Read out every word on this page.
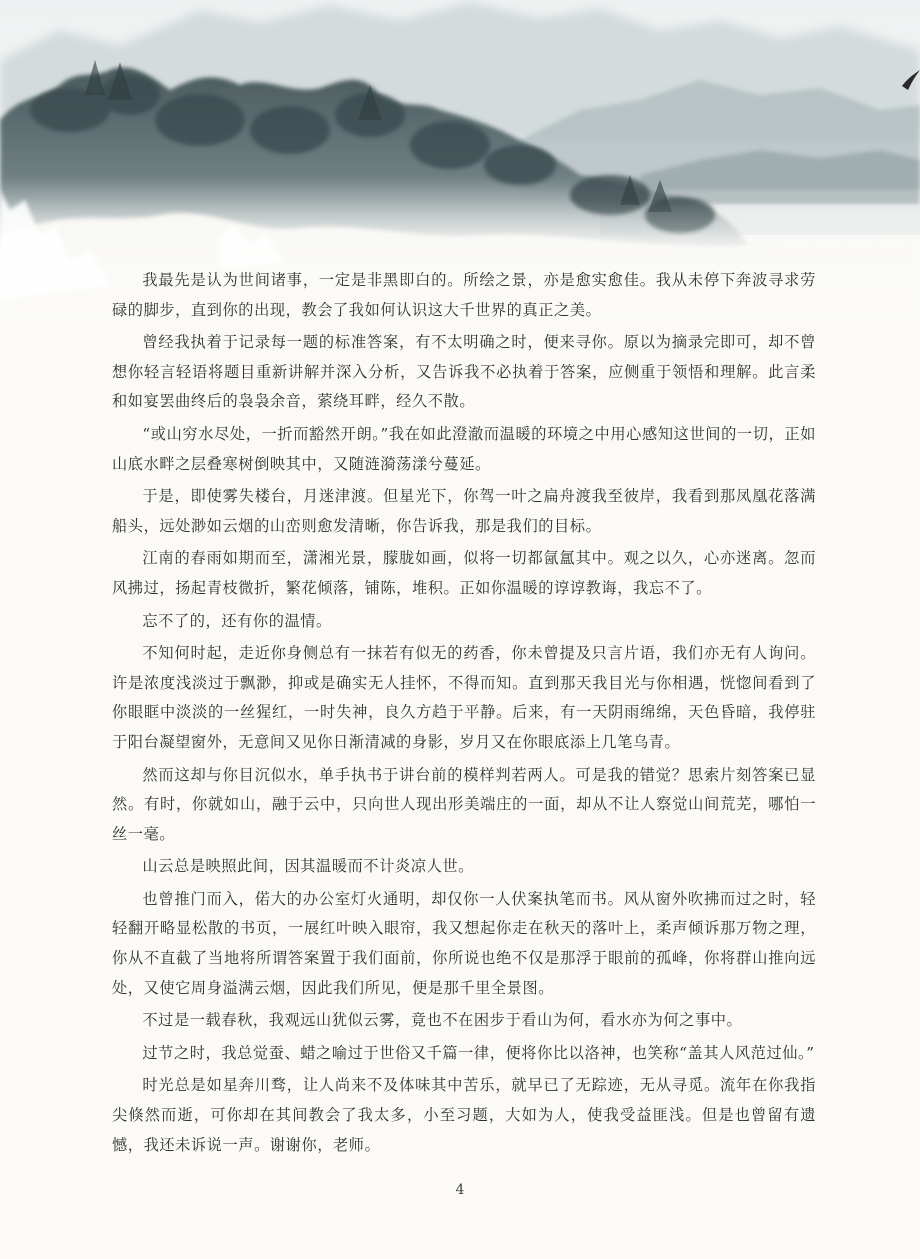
我最先是认为世间诸事，一定是非黑即白的。所绘之景，亦是愈实愈佳。我从未停下奔波寻求劳碌的脚步，直到你的出现，教会了我如何认识这大千世界的真正之美。

曾经我执着于记录每一题的标准答案，有不太明确之时，便来寻你。原以为摘录完即可，却不曾想你轻言轻语将题目重新讲解并深入分析，又告诉我不必执着于答案，应侧重于领悟和理解。此言柔和如宴罢曲终后的袅袅余音，萦绕耳畔，经久不散。

“或山穷水尽处，一折而豁然开朗。”我在如此澄澈而温暖的环境之中用心感知这世间的一切，正如山底水畔之层叠寒树倒映其中，又随涟漪荡漾兮蔓延。

于是，即使雾失楼台，月迷津渡。但星光下，你驾一叶之扁舟渡我至彼岸，我看到那凤凰花落满船头，远处渺如云烟的山峦则愈发清晰，你告诉我，那是我们的目标。

江南的春雨如期而至，潇湘光景，朦胧如画，似将一切都氤氲其中。观之以久，心亦迷离。忽而风拂过，扬起青枝微折，繁花倾落，铺陈，堆积。正如你温暖的谆谆教诲，我忘不了。

忘不了的，还有你的温情。

不知何时起，走近你身侧总有一抹若有似无的药香，你未曾提及只言片语，我们亦无有人询问。许是浓度浅淡过于飘渺，抑或是确实无人挂怀，不得而知。直到那天我目光与你相遇，恍惚间看到了你眼眶中淡淡的一丝猩红，一时失神，良久方趋于平静。后来，有一天阴雨绵绵，天色昏暗，我停驻于阳台凝望窗外，无意间又见你日渐清减的身影，岁月又在你眼底添上几笔乌青。

然而这却与你目沉似水，单手执书于讲台前的模样判若两人。可是我的错觉？思索片刻答案已显然。有时，你就如山，融于云中，只向世人现出形美端庄的一面，却从不让人察觉山间荒芜，哪怕一丝一毫。

山云总是映照此间，因其温暖而不计炎凉人世。

也曾推门而入，偌大的办公室灯火通明，却仅你一人伏案执笔而书。风从窗外吹拂而过之时，轻轻翻开略显松散的书页，一展红叶映入眼帘，我又想起你走在秋天的落叶上，柔声倾诉那万物之理，你从不直截了当地将所谓答案置于我们面前，你所说也绝不仅是那浮于眼前的孤峰，你将群山推向远处，又使它周身溢满云烟，因此我们所见，便是那千里全景图。

不过是一载春秋，我观远山犹似云雾，竟也不在困步于看山为何，看水亦为何之事中。

过节之时，我总觉蚕、蜡之喻过于世俗又千篇一律，便将你比以洛神，也笑称“盖其人风范过仙。”

时光总是如星奔川骛，让人尚来不及体味其中苦乐，就早已了无踪迹，无从寻觅。流年在你我指尖倏然而逝，可你却在其间教会了我太多，小至习题，大如为人，使我受益匪浅。但是也曾留有遗憾，我还未诉说一声。谢谢你，老师。

4
